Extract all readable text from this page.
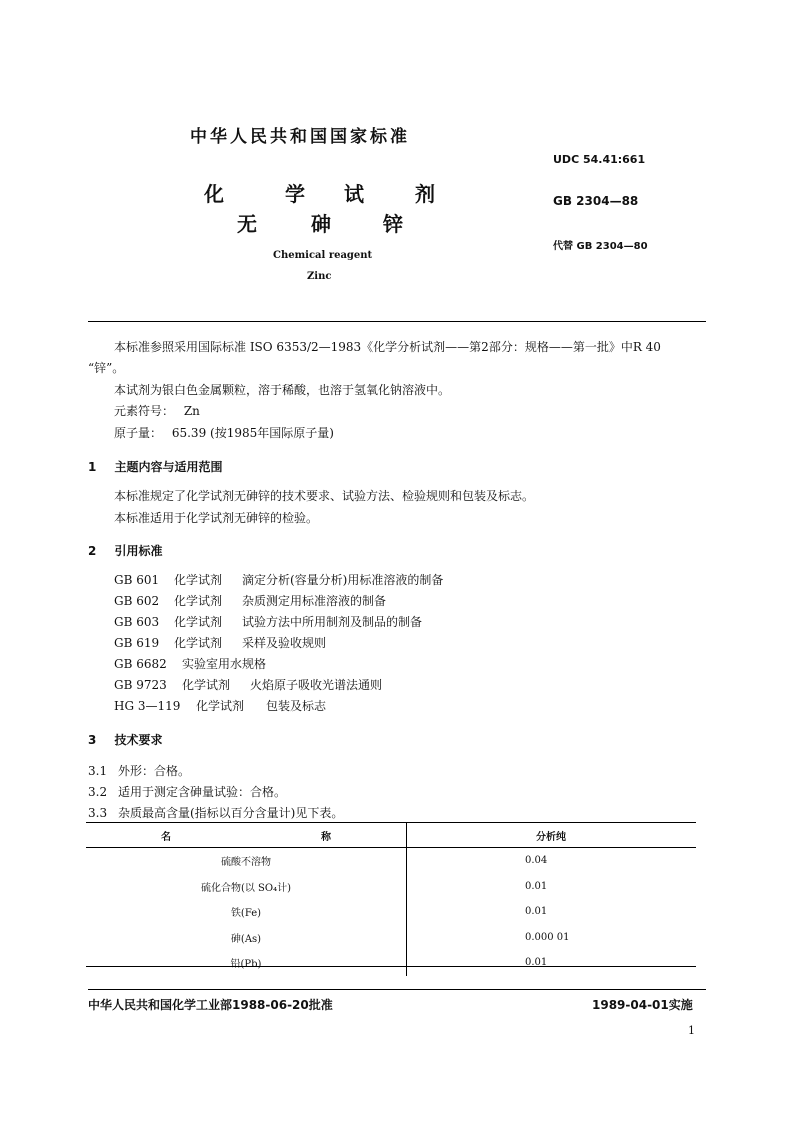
中华人民共和国国家标准
化	学 试	剂
无	砷	锌
Chemical reagent
Zinc
UDC 54.41:661
GB 2304—88
代替 GB 2304—80
本标准参照采用国际标准 ISO 6353/2—1983《化学分析试剂——第2部分：规格——第一批》中R 40
“锌”。
本试剂为银白色金属颗粒，溶于稀酸，也溶于氢氧化钠溶液中。
元素符号： Zn
原子量： 65.39 (按1985年国际原子量)
1 主题内容与适用范围
本标准规定了化学试剂无砷锌的技术要求、试验方法、检验规则和包装及标志。
本标准适用于化学试剂无砷锌的检验。
2 引用标准
GB 601 化学试剂 滴定分析(容量分析)用标准溶液的制备
GB 602 化学试剂 杂质测定用标准溶液的制备
GB 603 化学试剂 试验方法中所用制剂及制品的制备
GB 619 化学试剂 采样及验收规则
GB 6682 实验室用水规格
GB 9723 化学试剂 火焰原子吸收光谱法通则
HG 3—119 化学试剂 包装及标志
3 技术要求
3.1 外形：合格。
3.2 适用于测定含砷量试验：合格。
3.3 杂质最高含量(指标以百分含量计)见下表。
名 称	分析纯
硫酸不溶物	0.04
硫化合物(以 SO₄计)	0.01
铁(Fe)	0.01
砷(As)	0.000 01
铅(Pb)	0.01
中华人民共和国化学工业部1988-06-20批准	1989-04-01实施
1
